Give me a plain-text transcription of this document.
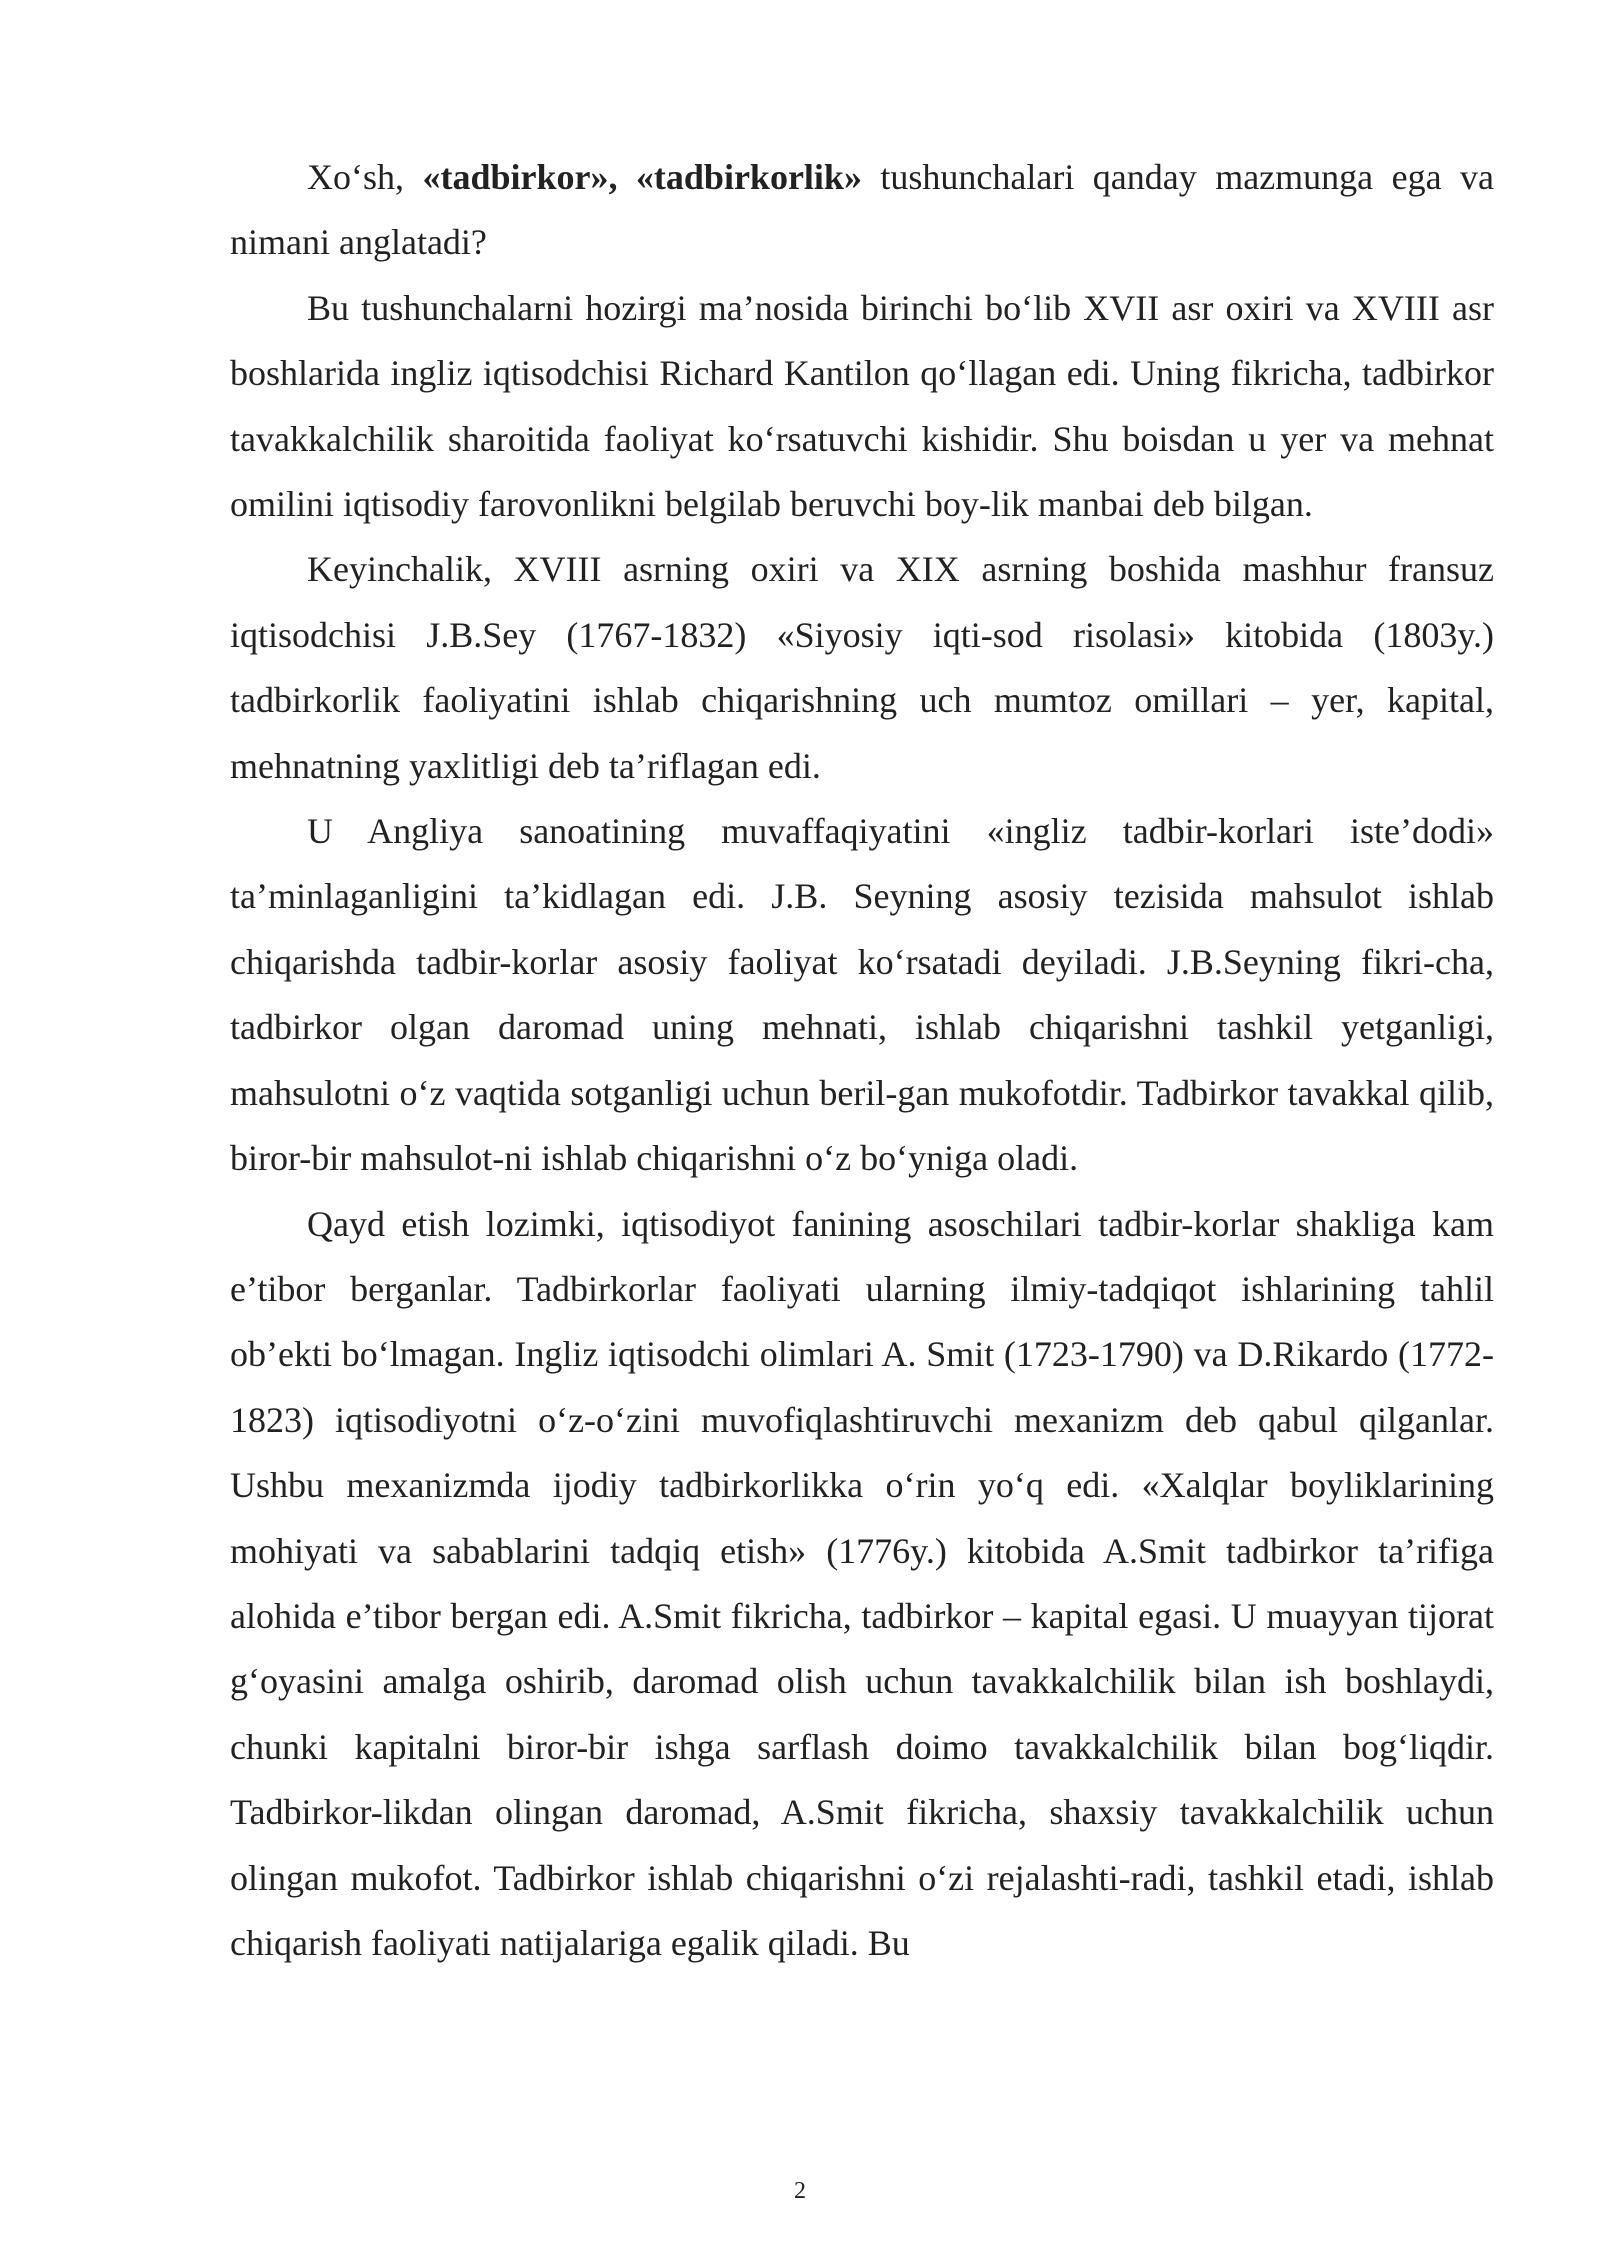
Xo‘sh, «tadbirkor», «tadbirkorlik» tushunchalari qanday mazmunga ega va nimani anglatadi?

Bu tushunchalarni hozirgi ma’nosida birinchi bo‘lib XVII asr oxiri va XVIII asr boshlarida ingliz iqtisodchisi Richard Kantilon qo‘llagan edi. Uning fikricha, tadbirkor tavakkalchilik sharoitida faoliyat ko‘rsatuvchi kishidir. Shu boisdan u yer va mehnat omilini iqtisodiy farovonlikni belgilab beruvchi boy-lik manbai deb bilgan.

Keyinchalik, XVIII asrning oxiri va XIX asrning boshida mashhur fransuz iqtisodchisi J.B.Sey (1767-1832) «Siyosiy iqti-sod risolasi» kitobida (1803y.) tadbirkorlik faoliyatini ishlab chiqarishning uch mumtoz omillari – yer, kapital, mehnatning yaxlitligi deb ta’riflagan edi.

U Angliya sanoatining muvaffaqiyatini «ingliz tadbir-korlari iste’dodi» ta’minlaganligini ta’kidlagan edi. J.B. Seyning asosiy tezisida mahsulot ishlab chiqarishda tadbir-korlar asosiy faoliyat ko‘rsatadi deyiladi. J.B.Seyning fikri-cha, tadbirkor olgan daromad uning mehnati, ishlab chiqarishni tashkil yetganligi, mahsulotni o‘z vaqtida sotganligi uchun beril-gan mukofotdir. Tadbirkor tavakkal qilib, biror-bir mahsulot-ni ishlab chiqarishni o‘z bo‘yniga oladi.

Qayd etish lozimki, iqtisodiyot fanining asoschilari tadbir-korlar shakliga kam e’tibor berganlar. Tadbirkorlar faoliyati ularning ilmiy-tadqiqot ishlarining tahlil ob’ekti bo‘lmagan. Ingliz iqtisodchi olimlari A. Smit (1723-1790) va D.Rikardo (1772-1823) iqtisodiyotni o‘z-o‘zini muvofiqlashtiruvchi mexanizm deb qabul qilganlar. Ushbu mexanizmda ijodiy tadbirkorlikka o‘rin yo‘q edi. «Xalqlar boyliklarining mohiyati va sabablarini tadqiq etish» (1776y.) kitobida A.Smit tadbirkor ta’rifiga alohida e’tibor bergan edi. A.Smit fikricha, tadbirkor – kapital egasi. U muayyan tijorat g‘oyasini amalga oshirib, daromad olish uchun tavakkalchilik bilan ish boshlaydi, chunki kapitalni biror-bir ishga sarflash doimo tavakkalchilik bilan bog‘liqdir. Tadbirkor-likdan olingan daromad, A.Smit fikricha, shaxsiy tavakkalchilik uchun olingan mukofot. Tadbirkor ishlab chiqarishni o‘zi rejalashti-radi, tashkil etadi, ishlab chiqarish faoliyati natijalariga egalik qiladi. Bu

2
